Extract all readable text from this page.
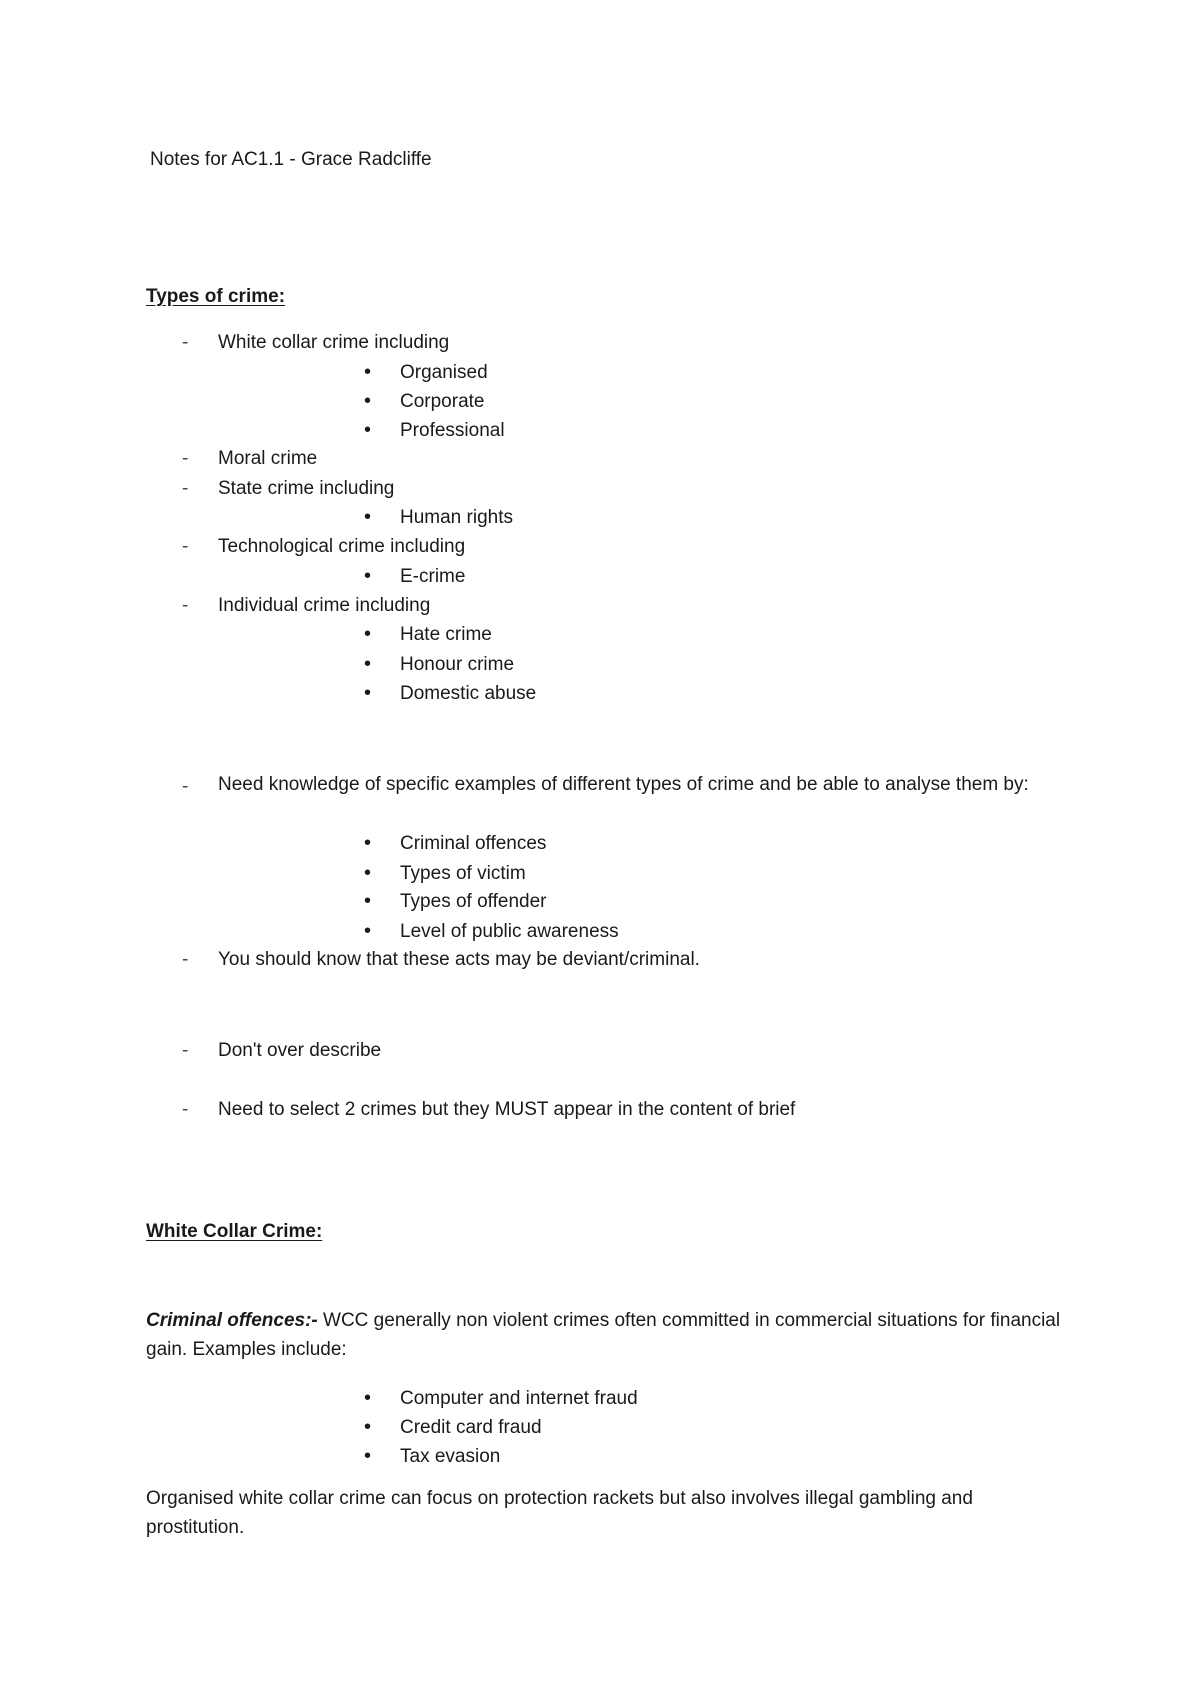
Notes for AC1.1 - Grace Radcliffe
Types of crime:
- White collar crime including
• Organised
• Corporate
• Professional
- Moral crime
- State crime including
• Human rights
- Technological crime including
• E-crime
- Individual crime including
• Hate crime
• Honour crime
• Domestic abuse
-	Need knowledge of specific examples of different types of crime and be able to analyse them by:
• Criminal offences
• Types of victim
• Types of offender
• Level of public awareness
- You should know that these acts may be deviant/criminal.
- Don't over describe
- Need to select 2 crimes but they MUST appear in the content of brief
White Collar Crime:
Criminal offences:- WCC generally non violent crimes often committed in commercial situations for financial gain. Examples include:
• Computer and internet fraud
• Credit card fraud
• Tax evasion
Organised white collar crime can focus on protection rackets but also involves illegal gambling and prostitution.
